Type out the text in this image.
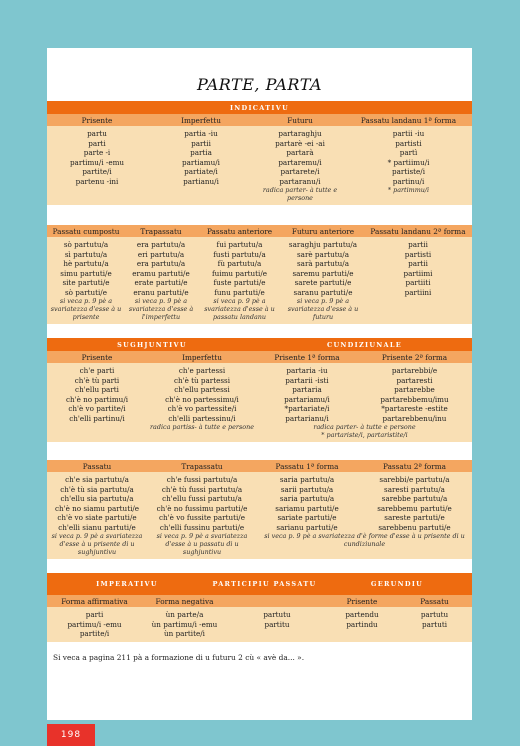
PARTE, PARTA
INDICATIVU
Prisente	Imperfettu	Futuru	Passatu landanu 1ª forma
partu	partia -iu	partaraghju	partii -iu
parti	partii	partarè -ei -ai	partisti
parte -i	partia	partarà	partì
partimu/i -emu	partiamu/i	partaremu/i	* partiimu/i
partite/i	partiate/i	partarete/i	partiste/i
partenu -ini	partianu/i	partaranu/i	partinu/i
radica parter- à tutte e persone
* partimmu/i
Passatu cumpostu	Trapassatu	Passatu anteriore	Futuru anteriore	Passatu landanu 2ª forma
sò partutu/a	era partutu/a	fui partutu/a	saraghju partutu/a	partii
sì partutu/a	eri partutu/a	fusti partutu/a	sarè partutu/a	partisti
hè partutu/a	era partutu/a	fù partutu/a	sarà partutu/a	partii
simu partuti/e	eramu partuti/e	fuimu partuti/e	saremu partuti/e	partiimi
site partuti/e	erate partuti/e	fuste partuti/e	sarete partuti/e	partiiti
sò partuti/e	eranu partuti/e	funu partuti/e	saranu partuti/e	partiini
si veca p. 9 pè a svariatezza d'esse à u prisente
si veca p. 9 pè a svariatezza d'esse à l'imperfettu
si veca p. 9 pè a svariatezza d'esse à u passatu landanu
si veca p. 9 pè a svariatezza d'esse à u futuru
SUGHJUNTIVU	CUNDIZIUNALE
Prisente	Imperfettu	Prisente 1ª forma	Prisente 2ª forma
ch'e parti	ch'e partessi	partaria -iu	partarebbi/e
ch'è tù parti	ch'è tù partessi	partarii -isti	partaresti
ch'ellu parti	ch'ellu partessi	partaria	partarebbe
ch'è no partimu/i	ch'è no partessimu/i	partariamu/i	partarebbemu/imu
ch'è vo partite/i	ch'è vo partessite/i	*partariate/i	*partareste -estite
ch'elli partinu/i	ch'elli partessinu/i	partarianu/i	partarebbenu/inu
radica partiss- à tutte e persone	radica parter- à tutte e persone
* partariste/i, partaristite/i
Passatu	Trapassatu	Passatu 1ª forma	Passatu 2ª forma
ch'e sia partutu/a	ch'e fussi partutu/a	saria partutu/a	sarebbi/e partutu/a
ch'è tù sia partutu/a	ch'è tù fussi partutu/a	sarii partutu/a	saresti partutu/a
ch'ellu sia partutu/a	ch'ellu fussi partutu/a	saria partutu/a	sarebbe partutu/a
ch'è no siamu partuti/e	ch'è no fussimu partuti/e	sariamu partuti/e	sarebbemu partuti/e
ch'è vo siate partuti/e	ch'è vo fussite partuti/e	sariate partuti/e	sareste partuti/e
ch'elli sianu partuti/e	ch'elli fussinu partuti/e	sarianu partuti/e	sarebbenu partuti/e
si veca p. 9 pè a svariatezza d'esse à u prisente di u sughjuntivu
si veca p. 9 pè a svariatezza d'esse à u passatu di u sughjuntivu
si veca p. 9 pè a svariatezza d'è forme d'esse à u prisente di u cundiziunale
IMPERATIVU	PARTICIPIU PASSATU	GERUNDIU
Forma affirmativa	Forma negativa	Prisente	Passatu
parti	ùn parte/a	partutu	partendu	partutu
partimu/i -emu	ùn partimu/i -emu	partitu	partindu	partuti
partite/i	ùn partite/i
Si veca a pagina 211 pà a formazione di u futuru 2 cù « avè da... ».
198
